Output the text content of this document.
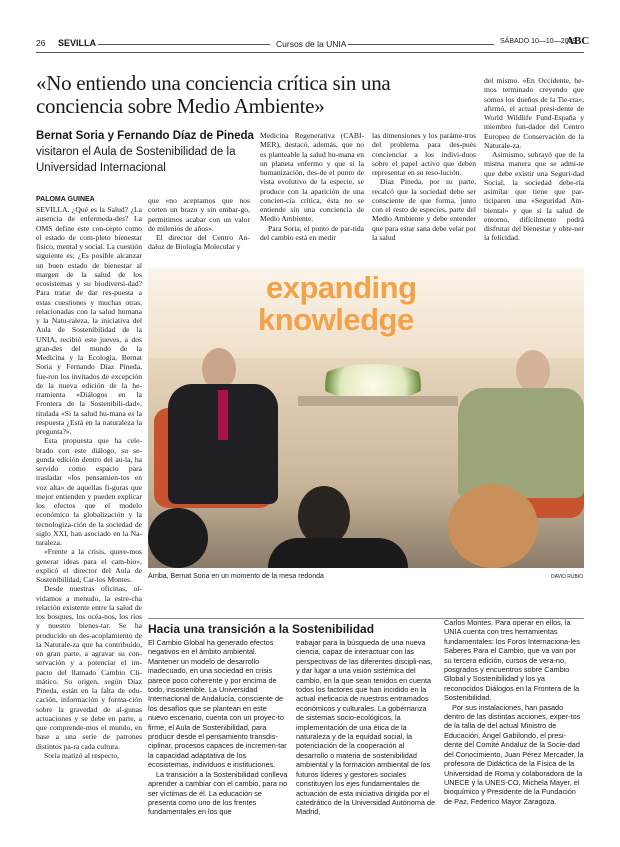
26 SEVILLA	Cursos de la UNIA	SÁBADO 10—10—2009
ABC
«No entiendo una conciencia crítica sin una conciencia sobre Medio Ambiente»
Bernat Soria y Fernando Díaz de Pineda
visitaron el Aula de Sostenibilidad de la Universidad Internacional
PALOMA GUINEA

SEVILLA. ¿Qué es la Salud? ¿La ausencia de enfermeda-des? La OMS define este con-cepto como el estado de com-pleto bienestar físico, mental y social. La cuestión siguiente es: ¿Es posible alcanzar un buen estado de bienestar al margen de la salud de los ecosistemas y su biodiversi-dad? Para tratar de dar res-puesta a estas cuestiones y muchas otras, relacionadas con la salud humana y la Natu-raleza, la iniciativa del Aula de Sostenibilidad de la UNIA, recibió este jueves, a dos gran-des del mundo de la Medicina y la Ecología, Bernat Soria y Fernando Díaz Pineda, fue-ron los invitados de excepción de la nueva edición de la he-rramienta «Diálogos en la Frontera de la Sostenibili-dad», titulada «Si la salud hu-mana es la respuesta ¿Está en la naturaleza la pregunta?».

Esta propuesta que ha cele-brado con este diálogo, su se-gunda edición dentro del au-la, ha servido como espacio para trasladar «los pensamien-tos en voz alta» de aquellas fi-guras que mejor entienden y pueden explicar los efectos que el modelo económico la globalización y la tecnologiza-ción de la sociedad de siglo XXI, han asociado en la Na-turaleza.

«Frente a la crisis, quere-mos generar ideas para el cam-bio», explicó el director del Aula de Sostenibilidad, Car-los Montes.

Desde nuestras oficinas, ol-vidamos a menudo, la estre-cha relación existente entre la salud de los bosques, los océa-nos, los ríos y nuestro bienes-tar. Se ha producido un des-acoplamiento de la Naturale-za que ha contribuido, en gran parte, a agravar su con-servación y a potenciar el im-pacto del llamado Cambio Cli-mático. Su origen, según Díaz Pineda, están en la falta de edu-cación, información y forma-ción sobre la gravedad de al-gunas actuaciones y se debe en parte, a que comprende-mos el mundo, en base a una serie de patrones distintos pa-ra cada cultura.

Soria matizó al respecto,

que «no aceptamos que nos corten un brazo y sin embar-go, permitimos acabar con un valor de milenios de años».

El director del Centro An-daluz de Biología Molecular y

Medicina Regenerativa (CABI-MER), destacó, además, que no es planteable la salud hu-mana en un planeta enfermo y que si la humanización, des-de el punto de vista evolutivo de la especie, se produce con la aparición de una concien-cia crítica, ésta no se entiende sin una conciencia de Medio Ambiente.

Para Soria, el punto de par-tida del cambio está en medir

las dimensiones y los paráme-tros del problema para des-pués concienciar a los indivi-duos sobre el papel activo que deben representar en su reso-lución.

Díaz Pineda, por su parte, recalcó que la sociedad debe ser consciente de que forma, junto con el resto de especies, parte del Medio Ambiente y debe entender que para estar sana debe velar por la salud

del mismo. «En Occidente, he-mos terminado creyendo que somos los dueños de la Tie-rra», afirmó, el actual presi-dente de World Wildlife Fund-España y miembro fun-dador del Centro Europeo de Conservación de la Naturale-za.

Asimismo, subrayó que de la misma manera que se admi-te que debe existir una Seguri-dad Social, la sociedad debe-ría asimilar que tiene que par-ticiparen una «Seguridad Am-biental» y que si la salud de entorno, difícilmente podrá disfrutar del bienestar y obte-ner la felicidad.

expanding
knowledge
Arriba, Bernat Soria en un momento de la mesa redonda	DAVID RUBIO
Hacia una transición a la Sostenibilidad

El Cambio Global ha generado efectos negativos en el ámbito ambiental. Mantener un modelo de desarrollo inadecuado, en una sociedad en crisis parece poco coherente y por encima de todo, insostenible. La Universidad Internacional de Andalucía, consciente de los desafíos que se plantean en este nuevo escenario, cuenta con un proyec-to firme, el Aula de Sostenibilidad, para producir desde el pensamiento transdis-ciplinar, procesos capaces de incremen-tar la capacidad adaptativa de los ecosistemas, individuos e instituciones.

La transición a la Sostenibilidad conlleva aprender a cambiar con el cambio, para no ser víctimas de él. La educación se presenta como uno de los frentes fundamentales en los que

trabajar para la búsqueda de una nueva ciencia, capaz de interactuar con las perspectivas de las diferentes discipli-nas, y dar lugar a una visión sistémica del cambio, en la que sean tenidos en cuenta todos los factores que han incidido en la actual ineficacia de nuestros entramados económicos y culturales. La gobernanza de sistemas socio-ecológicos, la implementación de una ética de la naturaleza y de la equidad social, la potenciación de la cooperación al desarrollo o materia de sostenibilidad ambiental y la formación ambiental de los futuros líderes y gestores sociales constituyen los ejes fundamentales de actuación de esta iniciativa dirigida por el catedrático de la Universidad Autónoma de Madrid,

Carlos Montes. Para operar en ellos, la UNIA cuenta con tres herramientas fundamentales: los Foros Internaciona-les Saberes Para el Cambio, que va van por su tercera edición, cursos de vera-no, posgrados y encuentros sobre Cambio Global y Sostenibilidad y los ya reconocidos Diálogos en la Frontera de la Sostenibilidad.

Por sus instalaciones, han pasado dentro de las distintas acciones, exper-tos de la talla de del actual Ministro de Educación, Ángel Gabilondo, el presi-dente del Comité Andaluz de la Socie-dad del Conocimiento, Juan Pérez Mercader, la profesora de Didáctica de la Física de la Universidad de Roma y colaboradora de la UNECE y la UNES-CO, Michela Mayer, el bioquímico y Presidente de la Fundación de Paz, Federico Mayor Zaragoza.
